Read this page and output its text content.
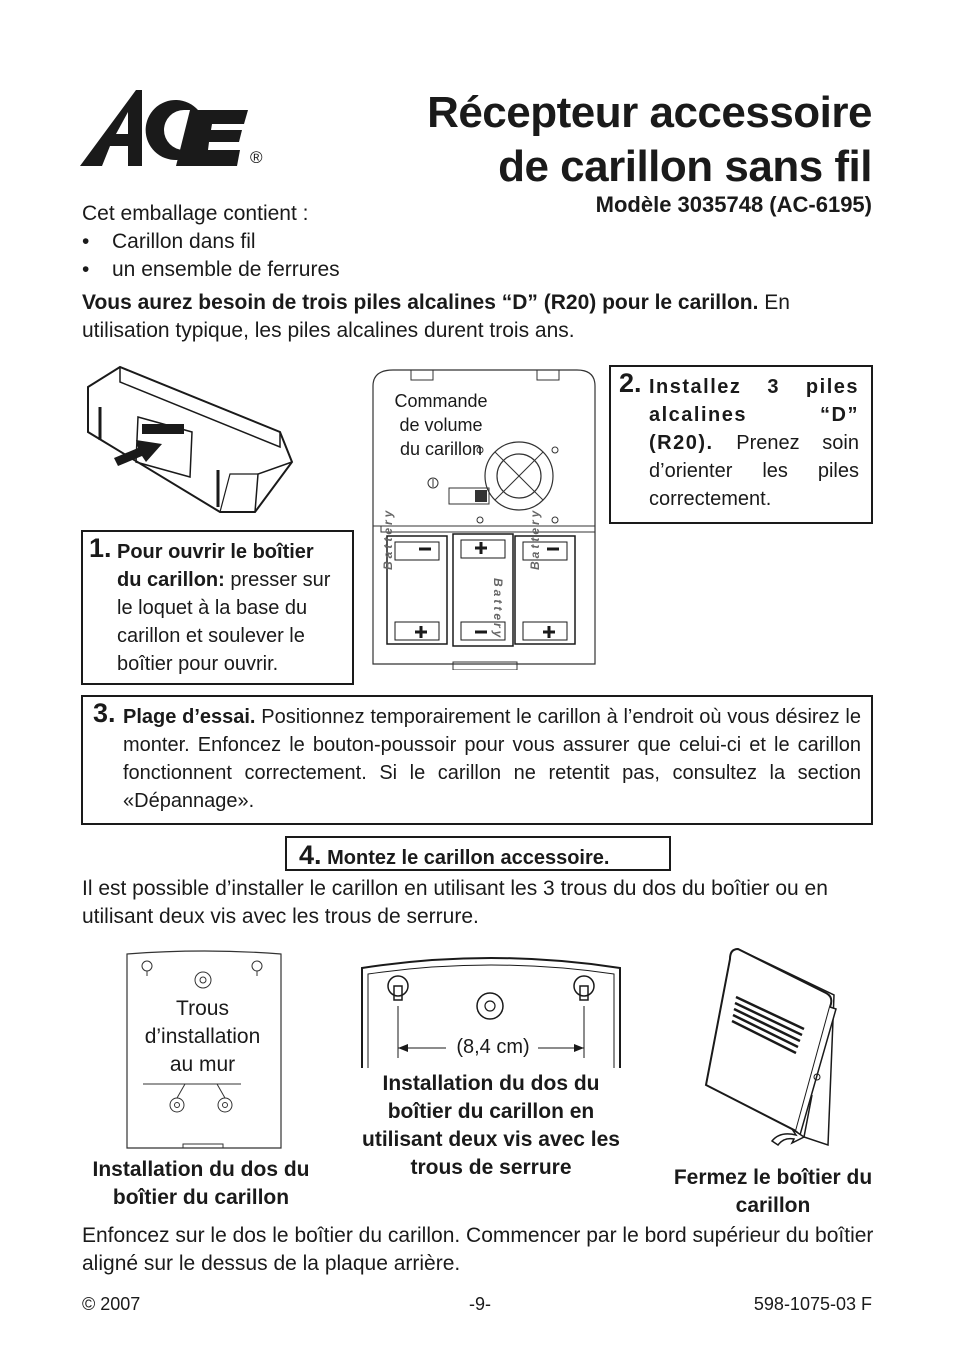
®
Récepteur accessoire
de carillon sans fil
Modèle 3035748 (AC-6195)
Cet emballage contient :
• Carillon dans fil
• un ensemble de ferrures
Vous aurez besoin de trois piles alcalines “D” (R20) pour le carillon. En utilisation typique, les piles alcalines durent trois ans.
Battery
Battery
Battery
Commande
de volume
du carillon
1. Pour ouvrir le boîtier du carillon: presser sur le loquet à la base du carillon et soulever le boîtier pour ouvrir.
2. Installez 3 piles alcalines “D” (R20). Prenez soin d’orienter les piles correctement.
3. Plage d’essai. Positionnez temporairement le carillon à l’endroit où vous désirez le monter. Enfoncez le bouton-poussoir pour vous assurer que celui-ci et le carillon fonctionnent correctement. Si le carillon ne retentit pas, consultez la section «Dépannage».
4. Montez le carillon accessoire.
Il est possible d’installer le carillon en utilisant les 3 trous du dos du boîtier ou en utilisant deux vis avec les trous de serrure.
Trous
d’installation
au mur
Installation du dos du boîtier du carillon
(8,4 cm)
Installation du dos du boîtier du carillon en utilisant deux vis avec les trous de serrure	Fermez le boîtier du carillon
Enfoncez sur le dos le boîtier du carillon. Commencer par le bord supérieur du boîtier aligné sur le dessus de la plaque arrière.
© 2007	-9-	598-1075-03 F
